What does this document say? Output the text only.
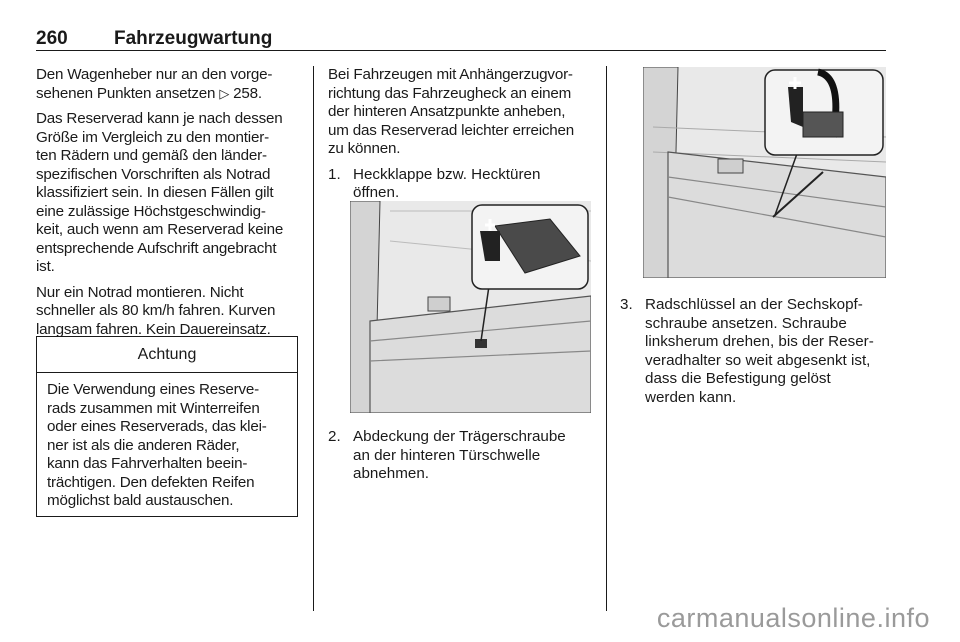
260 Fahrzeugwartung

Den Wagenheber nur an den vorge-
sehenen Punkten ansetzen ▷ 258.

Das Reserverad kann je nach dessen
Größe im Vergleich zu den montier-
ten Rädern und gemäß den länder-
spezifischen Vorschriften als Notrad
klassifiziert sein. In diesen Fällen gilt
eine zulässige Höchstgeschwindig-
keit, auch wenn am Reserverad keine
entsprechende Aufschrift angebracht
ist.

Nur ein Notrad montieren. Nicht
schneller als 80 km/h fahren. Kurven
langsam fahren. Kein Dauereinsatz.

Achtung
Die Verwendung eines Reserve-
rads zusammen mit Winterreifen
oder eines Reserverads, das klei-
ner ist als die anderen Räder,
kann das Fahrverhalten beein-
trächtigen. Den defekten Reifen
möglichst bald austauschen.

Bei Fahrzeugen mit Anhängerzugvor-
richtung das Fahrzeugheck an einem
der hinteren Ansatzpunkte anheben,
um das Reserverad leichter erreichen
zu können.

1. Heckklappe bzw. Hecktüren
öffnen.
2. Abdeckung der Trägerschraube
an der hinteren Türschwelle
abnehmen.
3. Radschlüssel an der Sechskopf-
schraube ansetzen. Schraube
linksherum drehen, bis der Reser-
veradhalter so weit abgesenkt ist,
dass die Befestigung gelöst
werden kann.
carmanualsonline.info
